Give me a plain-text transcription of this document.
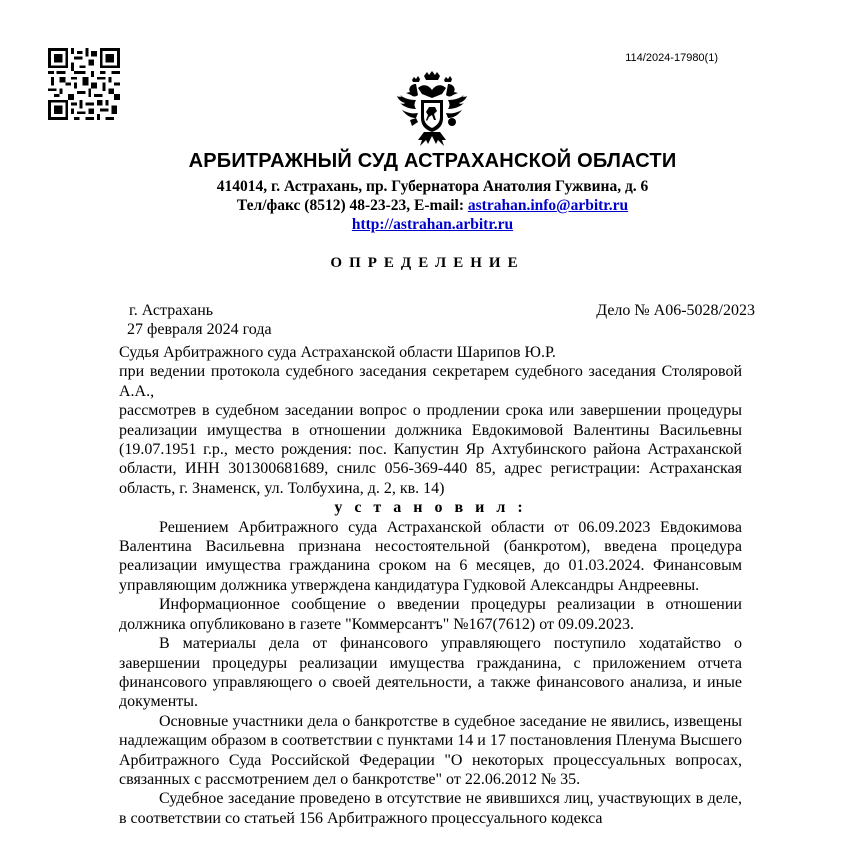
114/2024-17980(1)
АРБИТРАЖНЫЙ СУД АСТРАХАНСКОЙ ОБЛАСТИ
414014, г. Астрахань, пр. Губернатора Анатолия Гужвина, д. 6
Тел/факс (8512) 48-23-23, E-mail: astrahan.info@arbitr.ru
http://astrahan.arbitr.ru
ОПРЕДЕЛЕНИЕ
г. Астрахань	Дело № А06-5028/2023
27 февраля 2024 года

Судья Арбитражного суда Астраханской области Шарипов Ю.Р.

при ведении протокола судебного заседания секретарем судебного заседания Столяровой А.А.,

рассмотрев в судебном заседании вопрос о продлении срока или завершении процедуры реализации имущества в отношении должника Евдокимовой Валентины Васильевны (19.07.1951 г.р., место рождения: пос. Капустин Яр Ахтубинского района Астраханской области, ИНН 301300681689, снилс 056-369-440 85, адрес регистрации: Астраханская область, г. Знаменск, ул. Толбухина, д. 2, кв. 14)

у с т а н о в и л :

Решением Арбитражного суда Астраханской области от 06.09.2023 Евдокимова Валентина Васильевна признана несостоятельной (банкротом), введена процедура реализации имущества гражданина сроком на 6 месяцев, до 01.03.2024. Финансовым управляющим должника утверждена кандидатура Гудковой Александры Андреевны.

Информационное сообщение о введении процедуры реализации в отношении должника опубликовано в газете "Коммерсантъ" №167(7612) от 09.09.2023.

В материалы дела от финансового управляющего поступило ходатайство о завершении процедуры реализации имущества гражданина, с приложением отчета финансового управляющего о своей деятельности, а также финансового анализа, и иные документы.

Основные участники дела о банкротстве в судебное заседание не явились, извещены надлежащим образом в соответствии с пунктами 14 и 17 постановления Пленума Высшего Арбитражного Суда Российской Федерации "О некоторых процессуальных вопросах, связанных с рассмотрением дел о банкротстве" от 22.06.2012 № 35.

Судебное заседание проведено в отсутствие не явившихся лиц, участвующих в деле, в соответствии со статьей 156 Арбитражного процессуального кодекса
